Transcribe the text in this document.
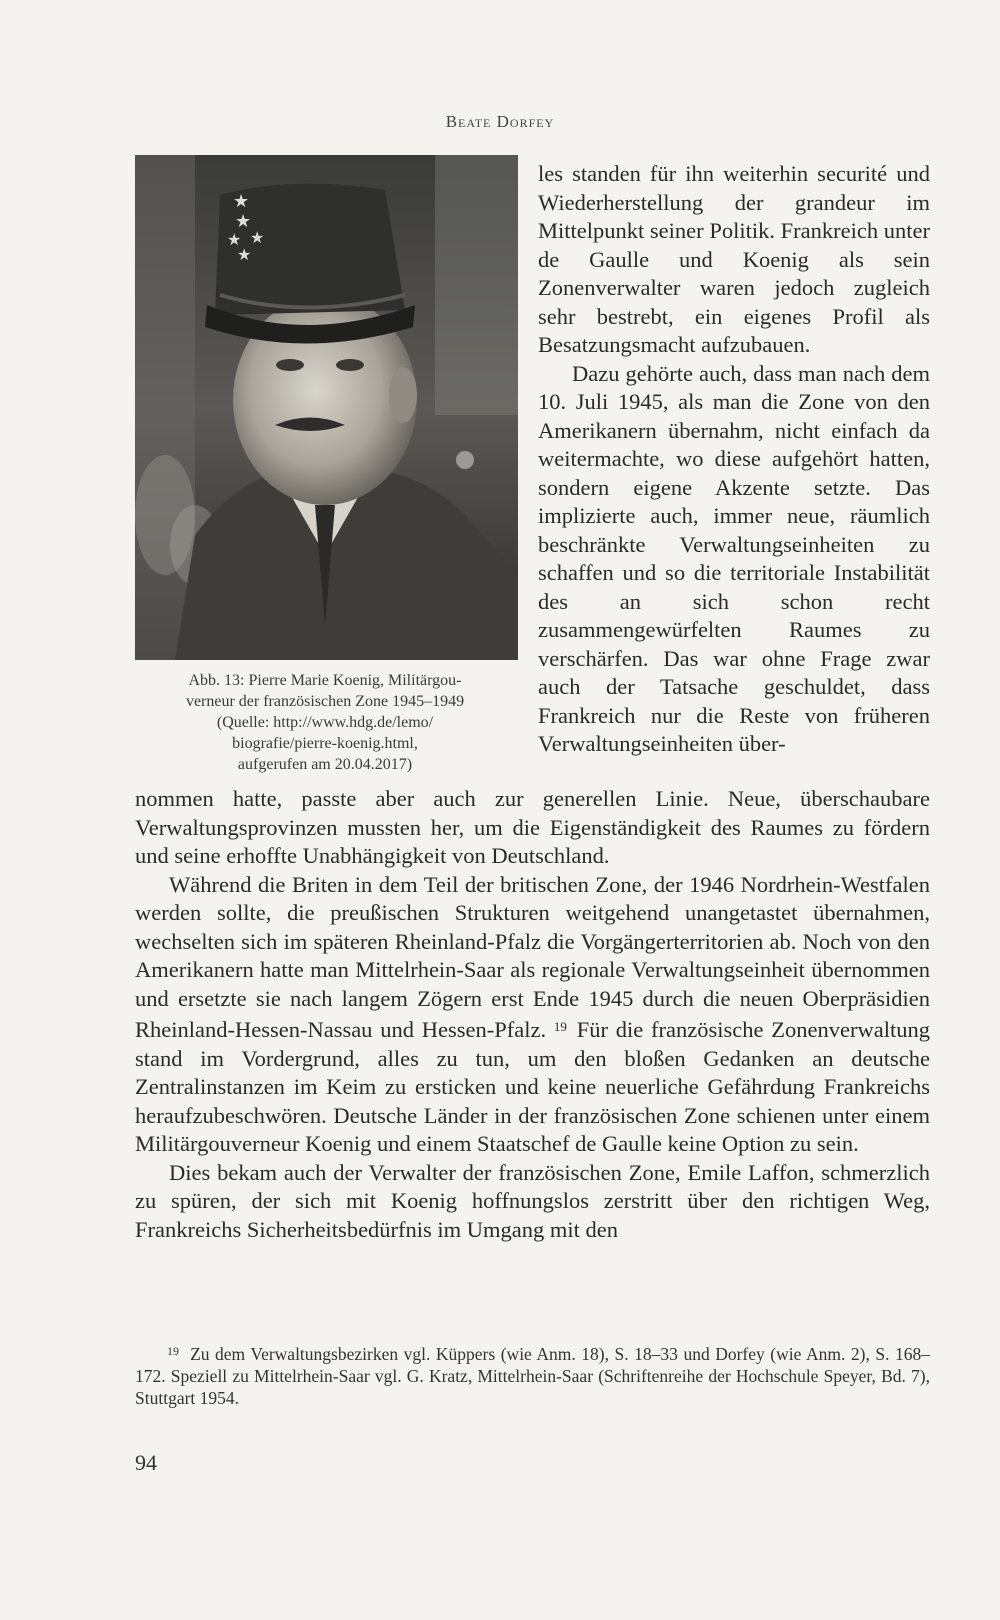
Beate Dorfey
★
★
★ ★
★

Abb. 13: Pierre Marie Koenig, Militärgou-

verneur der französischen Zone 1945–1949

(Quelle: http://www.hdg.de/lemo/

biografie/pierre-koenig.html,

aufgerufen am 20.04.2017)

les standen für ihn weiterhin securité und Wiederherstellung der grandeur im Mittelpunkt seiner Politik. Frankreich unter de Gaulle und Koenig als sein Zonenverwalter waren jedoch zugleich sehr bestrebt, ein eigenes Profil als Besatzungsmacht aufzubauen.

Dazu gehörte auch, dass man nach dem 10. Juli 1945, als man die Zone von den Amerikanern übernahm, nicht einfach da weitermachte, wo diese aufgehört hatten, sondern eigene Akzente setzte. Das implizierte auch, immer neue, räumlich beschränkte Verwaltungseinheiten zu schaffen und so die territoriale Instabilität des an sich schon recht zusammengewürfelten Raumes zu verschärfen. Das war ohne Frage zwar auch der Tatsache geschuldet, dass Frankreich nur die Reste von früheren Verwaltungseinheiten über-

nommen hatte, passte aber auch zur generellen Linie. Neue, überschaubare Verwaltungsprovinzen mussten her, um die Eigenständigkeit des Raumes zu fördern und seine erhoffte Unabhängigkeit von Deutschland.

Während die Briten in dem Teil der britischen Zone, der 1946 Nordrhein-Westfalen werden sollte, die preußischen Strukturen weitgehend unangetastet übernahmen, wechselten sich im späteren Rheinland-Pfalz die Vorgängerterritorien ab. Noch von den Amerikanern hatte man Mittelrhein-Saar als regionale Verwaltungseinheit übernommen und ersetzte sie nach langem Zögern erst Ende 1945 durch die neuen Oberpräsidien Rheinland-Hessen-Nassau und Hessen-Pfalz. $^{19}$ Für die französische Zonenverwaltung stand im Vordergrund, alles zu tun, um den bloßen Gedanken an deutsche Zentralinstanzen im Keim zu ersticken und keine neuerliche Gefährdung Frankreichs heraufzubeschwören. Deutsche Länder in der französischen Zone schienen unter einem Militärgouverneur Koenig und einem Staatschef de Gaulle keine Option zu sein.

Dies bekam auch der Verwalter der französischen Zone, Emile Laffon, schmerzlich zu spüren, der sich mit Koenig hoffnungslos zerstritt über den richtigen Weg, Frankreichs Sicherheitsbedürfnis im Umgang mit den

$^{19}$ Zu dem Verwaltungsbezirken vgl. Küppers (wie Anm. 18), S. 18–33 und Dorfey (wie Anm. 2), S. 168–172. Speziell zu Mittelrhein-Saar vgl. G. Kratz, Mittelrhein-Saar (Schriftenreihe der Hochschule Speyer, Bd. 7), Stuttgart 1954.

94
